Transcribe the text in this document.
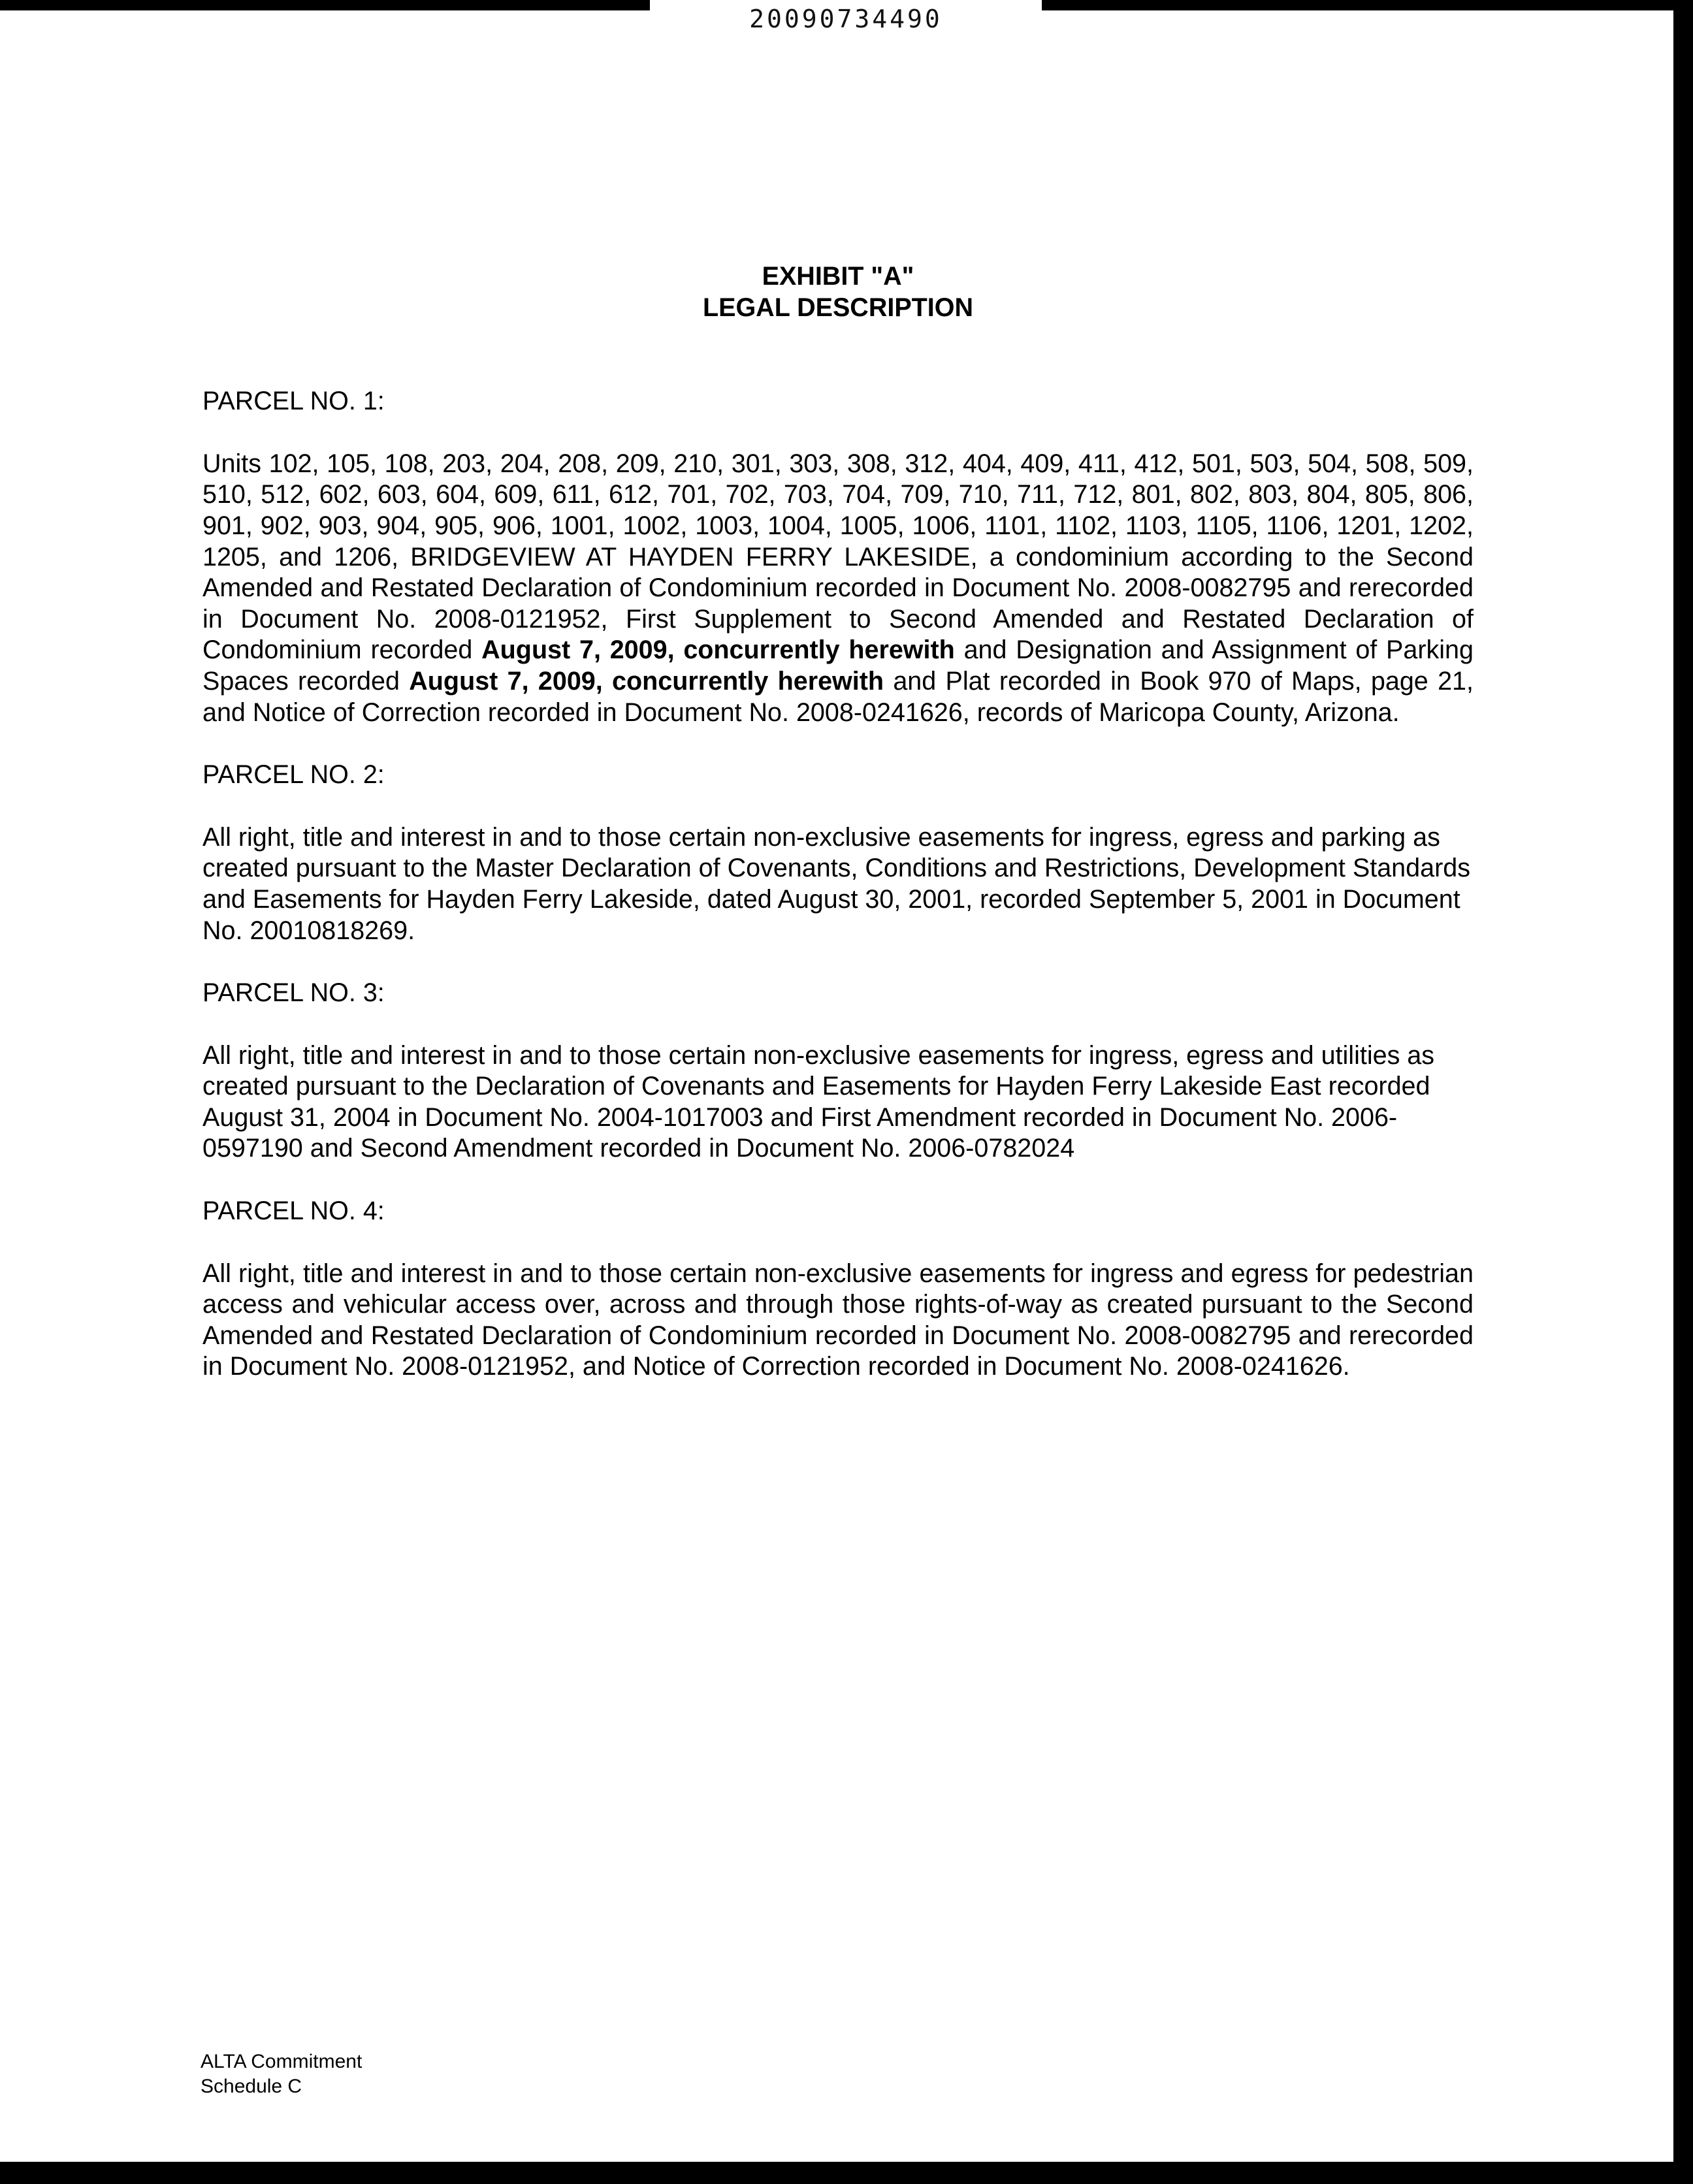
20090734490
EXHIBIT "A"
LEGAL DESCRIPTION
PARCEL NO. 1:
Units 102, 105, 108, 203, 204, 208, 209, 210, 301, 303, 308, 312, 404, 409, 411, 412, 501, 503, 504, 508, 509, 510, 512, 602, 603, 604, 609, 611, 612, 701, 702, 703, 704, 709, 710, 711, 712, 801, 802, 803, 804, 805, 806, 901, 902, 903, 904, 905, 906, 1001, 1002, 1003, 1004, 1005, 1006, 1101, 1102, 1103, 1105, 1106, 1201, 1202, 1205, and 1206, BRIDGEVIEW AT HAYDEN FERRY LAKESIDE, a condominium according to the Second Amended and Restated Declaration of Condominium recorded in Document No. 2008-0082795 and rerecorded in Document No. 2008-0121952, First Supplement to Second Amended and Restated Declaration of Condominium recorded August 7, 2009, concurrently herewith and Designation and Assignment of Parking Spaces recorded August 7, 2009, concurrently herewith and Plat recorded in Book 970 of Maps, page 21, and Notice of Correction recorded in Document No. 2008-0241626, records of Maricopa County, Arizona.
PARCEL NO. 2:
All right, title and interest in and to those certain non-exclusive easements for ingress, egress and parking as created pursuant to the Master Declaration of Covenants, Conditions and Restrictions, Development Standards and Easements for Hayden Ferry Lakeside, dated August 30, 2001, recorded September 5, 2001 in Document No. 20010818269.
PARCEL NO. 3:
All right, title and interest in and to those certain non-exclusive easements for ingress, egress and utilities as created pursuant to the Declaration of Covenants and Easements for Hayden Ferry Lakeside East recorded August 31, 2004 in Document No. 2004-1017003 and First Amendment recorded in Document No. 2006-0597190 and Second Amendment recorded in Document No. 2006-0782024
PARCEL NO. 4:
All right, title and interest in and to those certain non-exclusive easements for ingress and egress for pedestrian access and vehicular access over, across and through those rights-of-way as created pursuant to the Second Amended and Restated Declaration of Condominium recorded in Document No. 2008-0082795 and rerecorded in Document No. 2008-0121952, and Notice of Correction recorded in Document No. 2008-0241626.
ALTA Commitment
Schedule C
